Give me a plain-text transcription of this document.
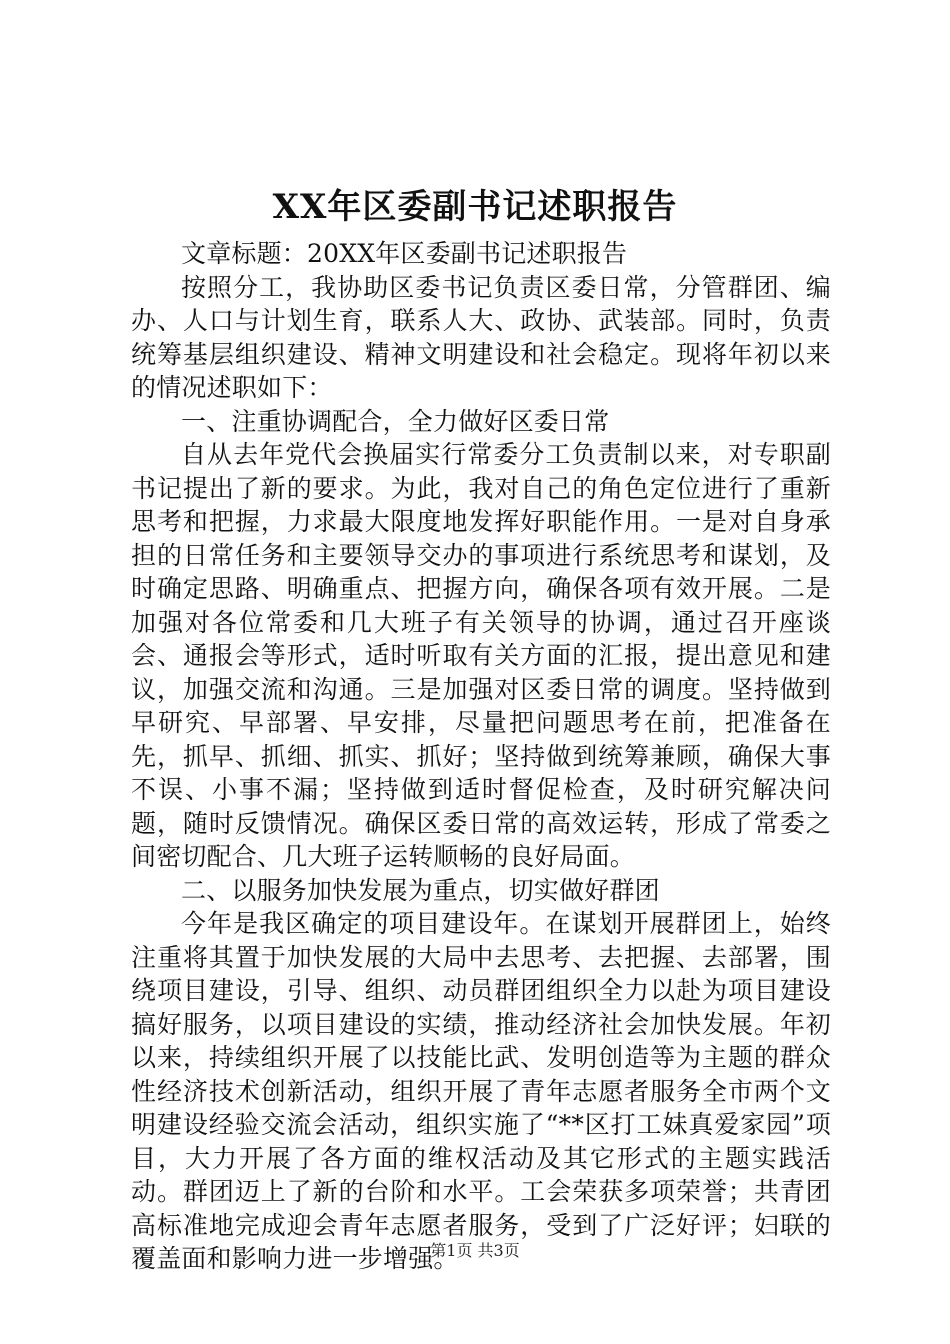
XX年区委副书记述职报告

文章标题：20XX年区委副书记述职报告

按照分工，我协助区委书记负责区委日常，分管群团、编办、人口与计划生育，联系人大、政协、武装部。同时，负责统筹基层组织建设、精神文明建设和社会稳定。现将年初以来的情况述职如下：

一、注重协调配合，全力做好区委日常

自从去年党代会换届实行常委分工负责制以来，对专职副书记提出了新的要求。为此，我对自己的角色定位进行了重新思考和把握，力求最大限度地发挥好职能作用。一是对自身承担的日常任务和主要领导交办的事项进行系统思考和谋划，及时确定思路、明确重点、把握方向，确保各项有效开展。二是加强对各位常委和几大班子有关领导的协调，通过召开座谈会、通报会等形式，适时听取有关方面的汇报，提出意见和建议，加强交流和沟通。三是加强对区委日常的调度。坚持做到早研究、早部署、早安排，尽量把问题思考在前，把准备在先，抓早、抓细、抓实、抓好；坚持做到统筹兼顾，确保大事不误、小事不漏；坚持做到适时督促检查，及时研究解决问题，随时反馈情况。确保区委日常的高效运转，形成了常委之间密切配合、几大班子运转顺畅的良好局面。

二、以服务加快发展为重点，切实做好群团

今年是我区确定的项目建设年。在谋划开展群团上，始终注重将其置于加快发展的大局中去思考、去把握、去部署，围绕项目建设，引导、组织、动员群团组织全力以赴为项目建设搞好服务，以项目建设的实绩，推动经济社会加快发展。年初以来，持续组织开展了以技能比武、发明创造等为主题的群众性经济技术创新活动，组织开展了青年志愿者服务全市两个文明建设经验交流会活动，组织实施了“**区打工妹真爱家园”项目，大力开展了各方面的维权活动及其它形式的主题实践活动。群团迈上了新的台阶和水平。工会荣获多项荣誉；共青团高标准地完成迎会青年志愿者服务，受到了广泛好评；妇联的覆盖面和影响力进一步增强。

第1页 共3页
